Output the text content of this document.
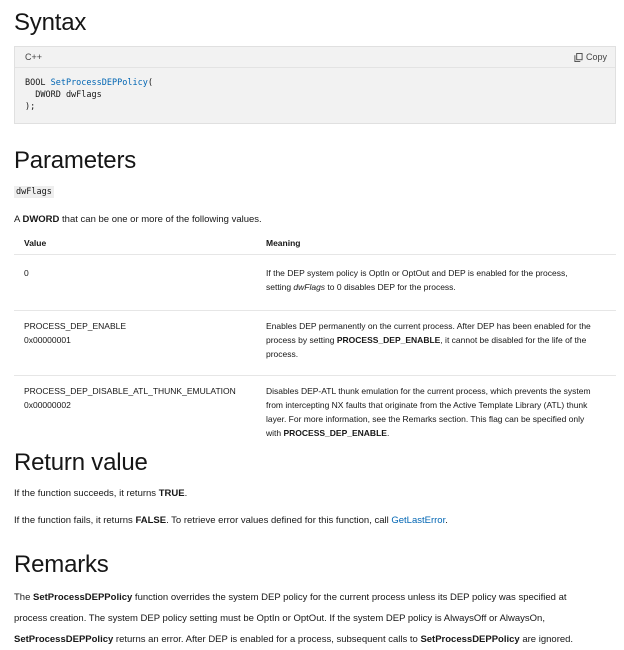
Syntax
C++	Copy
BOOL SetProcessDEPPolicy(
DWORD dwFlags
);
Parameters
dwFlags

A DWORD that can be one or more of the following values.

Value	Meaning
0	If the DEP system policy is OptIn or OptOut and DEP is enabled for the process,
setting dwFlags to 0 disables DEP for the process.
PROCESS_DEP_ENABLE
0x00000001	Enables DEP permanently on the current process. After DEP has been enabled for the
process by setting PROCESS_DEP_ENABLE, it cannot be disabled for the life of the
process.
PROCESS_DEP_DISABLE_ATL_THUNK_EMULATION
0x00000002	Disables DEP-ATL thunk emulation for the current process, which prevents the system
from intercepting NX faults that originate from the Active Template Library (ATL) thunk
layer. For more information, see the Remarks section. This flag can be specified only
with PROCESS_DEP_ENABLE.
Return value

If the function succeeds, it returns TRUE.

If the function fails, it returns FALSE. To retrieve error values defined for this function, call GetLastError.

Remarks

The SetProcessDEPPolicy function overrides the system DEP policy for the current process unless its DEP policy was specified at
process creation. The system DEP policy setting must be OptIn or OptOut. If the system DEP policy is AlwaysOff or AlwaysOn,
SetProcessDEPPolicy returns an error. After DEP is enabled for a process, subsequent calls to SetProcessDEPPolicy are ignored.
